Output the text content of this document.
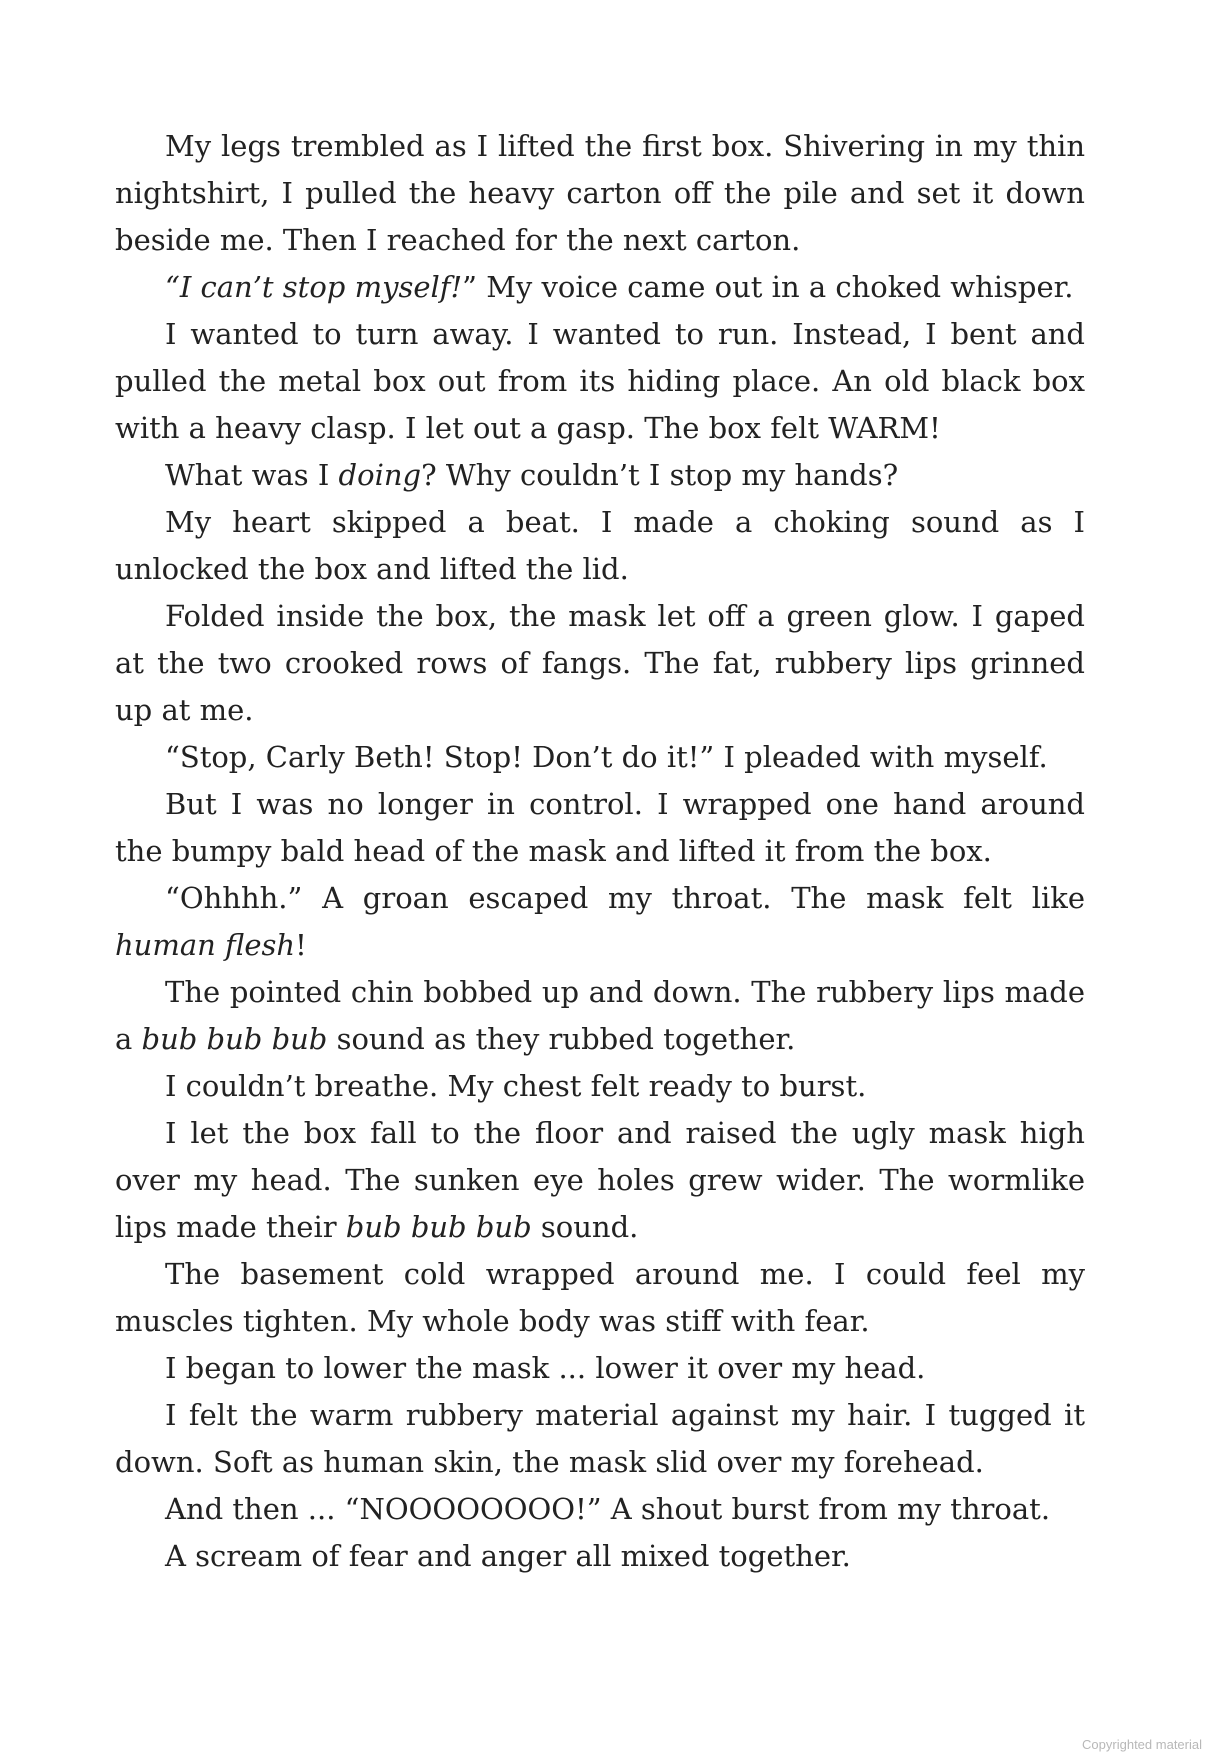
My legs trembled as I lifted the first box. Shivering in my thin nightshirt, I pulled the heavy carton off the pile and set it down beside me. Then I reached for the next carton.

“I can’t stop myself!” My voice came out in a choked whisper.

I wanted to turn away. I wanted to run. Instead, I bent and pulled the metal box out from its hiding place. An old black box with a heavy clasp. I let out a gasp. The box felt WARM!

What was I doing? Why couldn’t I stop my hands?

My heart skipped a beat. I made a choking sound as I unlocked the box and lifted the lid.

Folded inside the box, the mask let off a green glow. I gaped at the two crooked rows of fangs. The fat, rubbery lips grinned up at me.

“Stop, Carly Beth! Stop! Don’t do it!” I pleaded with myself.

But I was no longer in control. I wrapped one hand around the bumpy bald head of the mask and lifted it from the box.

“Ohhhh.” A groan escaped my throat. The mask felt like human flesh!

The pointed chin bobbed up and down. The rubbery lips made a bub bub bub sound as they rubbed together.

I couldn’t breathe. My chest felt ready to burst.

I let the box fall to the floor and raised the ugly mask high over my head. The sunken eye holes grew wider. The wormlike lips made their bub bub bub sound.

The basement cold wrapped around me. I could feel my muscles tighten. My whole body was stiff with fear.

I began to lower the mask ... lower it over my head.

I felt the warm rubbery material against my hair. I tugged it down. Soft as human skin, the mask slid over my forehead.

And then ... “NOOOOOOOO!” A shout burst from my throat.

A scream of fear and anger all mixed together.

Copyrighted material
